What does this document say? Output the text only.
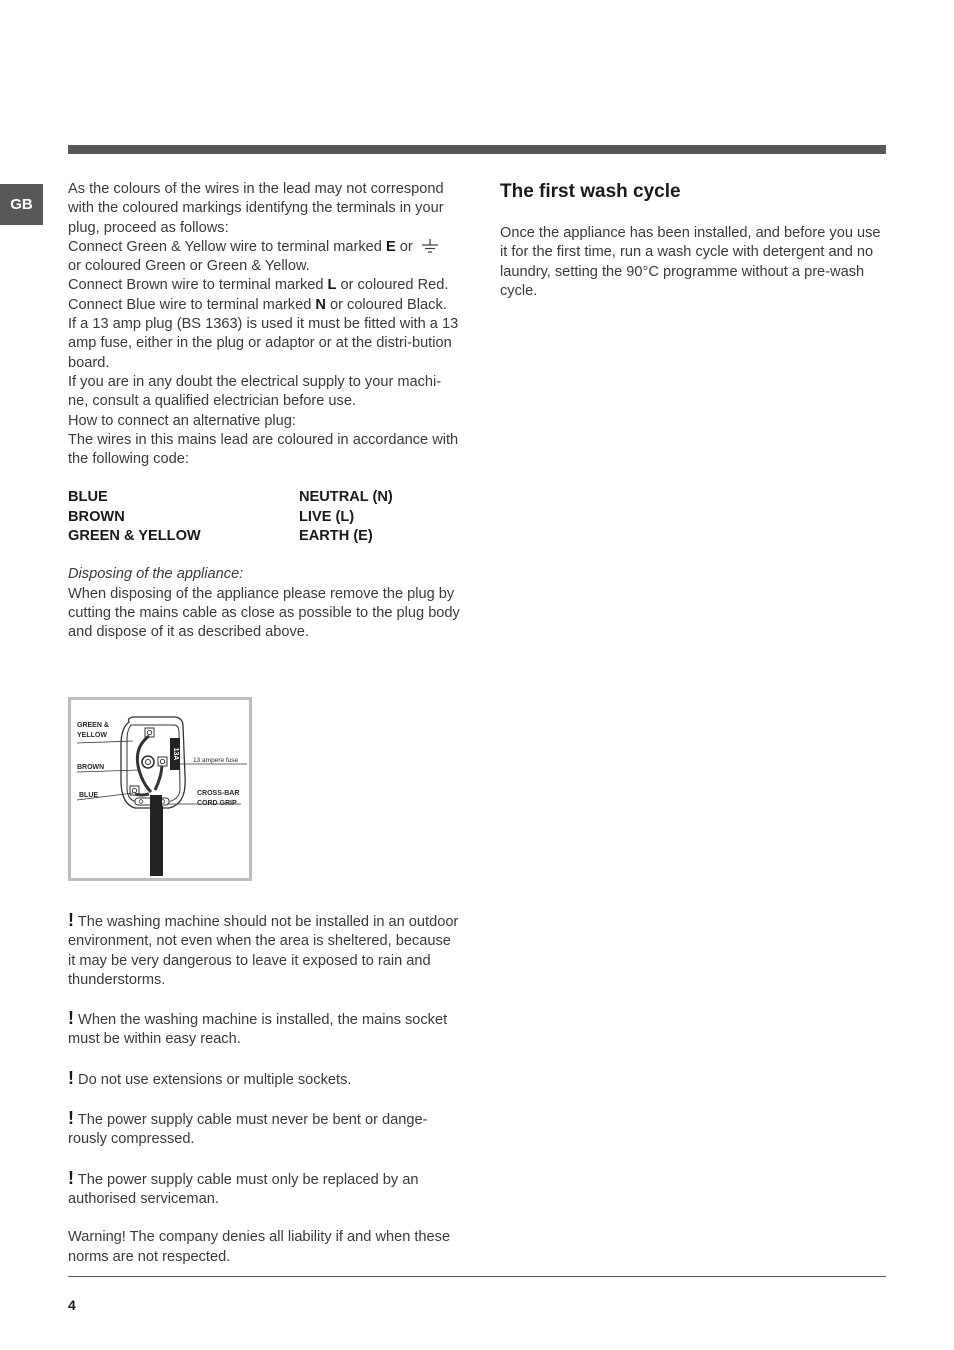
GB

As the colours of the wires in the lead may not correspond with the coloured markings identifyng the terminals in your plug, proceed as follows:

Connect Green & Yellow wire to terminal marked E or
or coloured Green or Green & Yellow.

Connect Brown wire to terminal marked L or coloured Red.

Connect Blue wire to terminal marked N or coloured Black.

If a 13 amp plug (BS 1363) is used it must be fitted with a 13 amp fuse, either in the plug or adaptor or at the distri-bution board.

If you are in any doubt the electrical supply to your machi-ne, consult a qualified electrician before use.

How to connect an alternative plug:

The wires in this mains lead are coloured in accordance with the following code:

BLUE	NEUTRAL (N)
BROWN	LIVE (L)
GREEN & YELLOW	EARTH (E)

Disposing of the appliance:

When disposing of the appliance please remove the plug by cutting the mains cable as close as possible to the plug body and dispose of it as described above.

13A
GREEN &
YELLOW
BROWN
BLUE
13 ampere fuse
CROSS-BAR
CORD GRIP

! The washing machine should not be installed in an outdoor environment, not even when the area is sheltered, because it may be very dangerous to leave it exposed to rain and thunderstorms.

! When the washing machine is installed, the mains socket must be within easy reach.

! Do not use extensions or multiple sockets.

! The power supply cable must never be bent or dange-rously compressed.

! The power supply cable must only be replaced by an authorised serviceman.

Warning! The company denies all liability if and when these norms are not respected.

The first wash cycle

Once the appliance has been installed, and before you use it for the first time, run a wash cycle with detergent and no laundry, setting the 90°C programme without a pre-wash cycle.

4
